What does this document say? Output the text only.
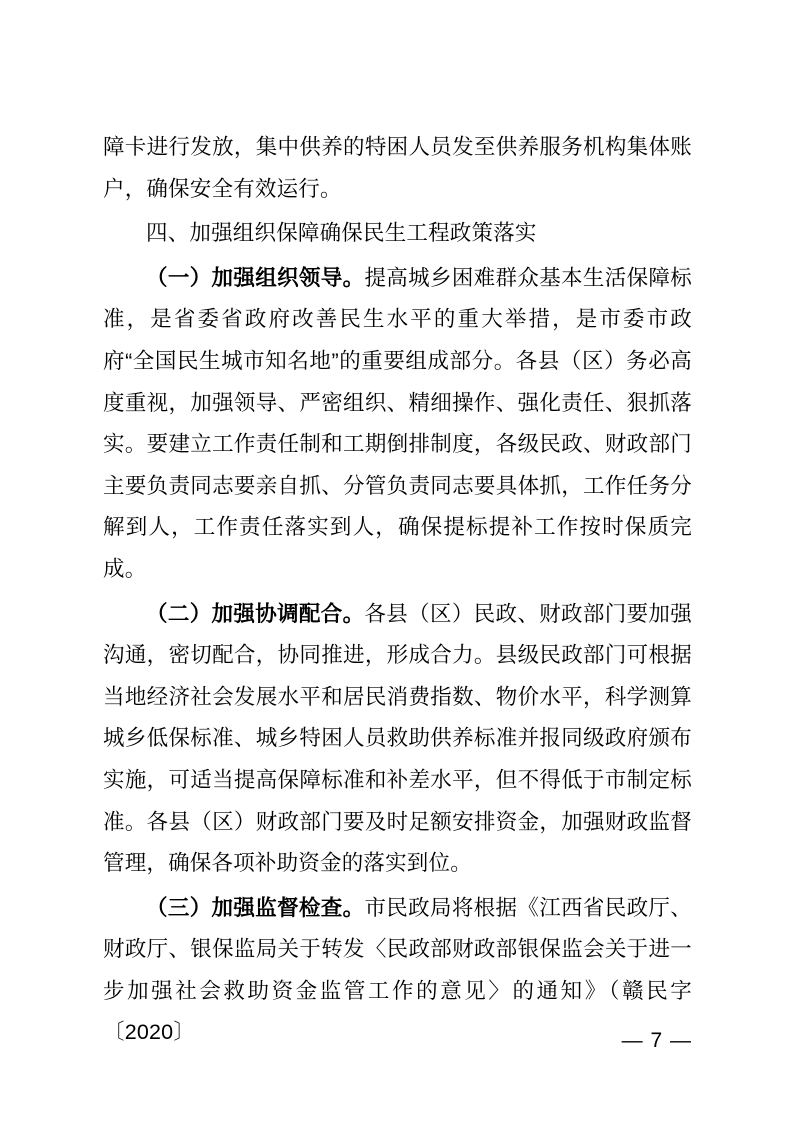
障卡进行发放，集中供养的特困人员发至供养服务机构集体账户，确保安全有效运行。

四、加强组织保障确保民生工程政策落实

（一）加强组织领导。提高城乡困难群众基本生活保障标准，是省委省政府改善民生水平的重大举措，是市委市政府“全国民生城市知名地”的重要组成部分。各县（区）务必高度重视，加强领导、严密组织、精细操作、强化责任、狠抓落实。要建立工作责任制和工期倒排制度，各级民政、财政部门主要负责同志要亲自抓、分管负责同志要具体抓，工作任务分解到人，工作责任落实到人，确保提标提补工作按时保质完成。

（二）加强协调配合。各县（区）民政、财政部门要加强沟通，密切配合，协同推进，形成合力。县级民政部门可根据当地经济社会发展水平和居民消费指数、物价水平，科学测算城乡低保标准、城乡特困人员救助供养标准并报同级政府颁布实施，可适当提高保障标准和补差水平，但不得低于市制定标准。各县（区）财政部门要及时足额安排资金，加强财政监督管理，确保各项补助资金的落实到位。

（三）加强监督检查。市民政局将根据《江西省民政厅、财政厅、银保监局关于转发〈民政部财政部银保监会关于进一步加强社会救助资金监管工作的意见〉的通知》（赣民字〔2020〕	— 7 —
